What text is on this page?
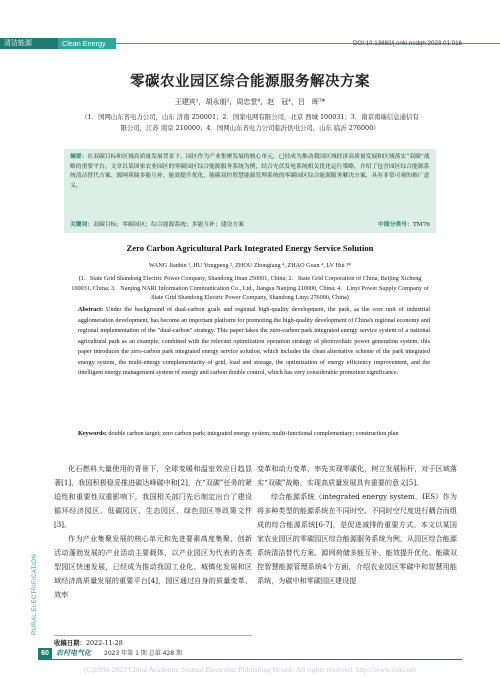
清洁能源	Clean Energy	DOI:10.13882/j.cnki.ncdqh.2023.01.016
零碳农业园区综合能源服务解决方案
王建宾¹，胡永朋²，周忠堂⁴，赵　冠⁴，吕　晖³*
（1．国网山东省电力公司，山东 济南 250001；2．国家电网有限公司，北京 西城 100031；3．南京南瑞信息通信有限公司，江苏 南京 210000；4．国网山东省电力公司临沂供电公司，山东 临沂 276000）
摘要：在双碳目标和区域高质量发展背景下，园区作为产业集聚发展的核心单元，已经成为推动我国区域经济高质量发展和区域落实“双碳”战略的重要平台。文章以某国家农业园区的零碳园区综合能源服务系统为例，结合光伏发电系统相关优化运行策略，介绍了包含园区综合能源系统清洁替代方案、源网荷储多能互补、能效提升优化、能碳双控智慧能源管理系统的零碳园区综合能源服务解决方案，具有非常可观的推广意义。
关键词：双碳目标；零碳园区；综合能源系统；多能互补；建设方案	中图分类号：TM76
Zero Carbon Agricultural Park Integrated Energy Service Solution
WANG Jianbin ¹, HU Yongpeng ², ZHOU Zhongtang ⁴, ZHAO Guan ⁴, LV Hui ³*
(1．State Grid Shandong Electric Power Company, Shandong Jinan 250001, China; 2．State Grid Corporation of China, Beijing Xicheng 100031, China; 3．Nanjing NARI Information Communication Co., Ltd., Jiangsu Nanjing 210000, China; 4．Linyi Power Supply Company of State Grid Shandong Electric Power Company, Shandong Linyi 276000, China)
Abstract: Under the background of dual-carbon goals and regional high-quality development, the park, as the core unit of industrial agglomeration development, has become an important platform for promoting the high-quality development of China's regional economy and regional implementation of the "dual-carbon" strategy. This paper takes the zero-carbon park integrated energy service system of a national agricultural park as an example, combined with the relevant optimization operation strategy of photovoltaic power generation system, this paper introduces the zero-carbon park integrated energy service solution, which includes the clean alternative scheme of the park integrated energy system, the multi-energy complementarity of grid, load and storage, the optimization of energy efficiency improvement, and the intelligent energy management system of energy and carbon double control, which has very considerable promotion significance.
Keywords: double carbon target; zero carbon park; integrated energy system; multi-functional complementary; construction plan
RURAL ELECTRIFICATION

化石燃料大量使用的背景下，全球变暖和温室效应日趋显著[1]，我国积极稳妥推进碳达峰碳中和[2]，在“双碳”任务的紧迫性和重要性双重影响下，我国相关部门先后制定出台了建设循环经济园区、低碳园区、生态园区、绿色园区等政策文件[3]。

作为产业集聚发展的核心单元和先进要素高度集聚、创新活动蓬勃发展的产业活动主要载体，以产业园区为代表的各类型园区快速发展，已经成为推动我国工业化、城镇化发展和区域经济高质量发展的重要平台[4]，园区通过自身的质量变革、效率

变革和动力变革，率先实现零碳化，树立发展标杆，对于区域落实“双碳”战略，实现高质量发展具有重要的意义[5]。

综合能源系统（integrated energy system，IES）作为将多种类型的能源系统在不同时空、不同时空尺度进行耦合而组成的综合能源系统[6-7]，是促进减排的重要方式。本文以某国家农业园区的零碳园区综合能源服务系统为例，从园区综合能源系统清洁替代方案、源网荷储多能互补、能效提升优化、能碳双控智慧能源管理系统4个方面，介绍农业园区零碳中和智慧用能系统，为碳中和零碳园区建设提

收稿日期：2022-11-28
60	农村电气化 2023 年第 1 期 总第 428 期
(C)1994-2023 China Academic Journal Electronic Publishing House. All rights reserved. http://www.cnki.net
